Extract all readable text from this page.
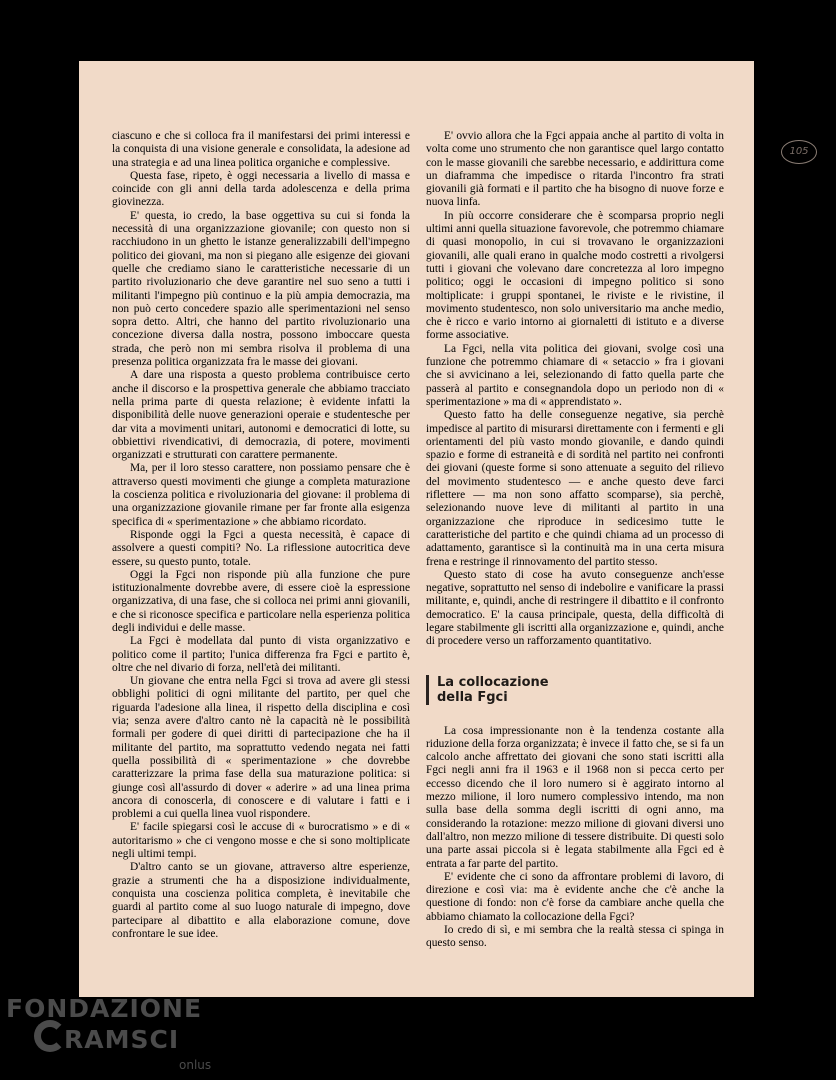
105

ciascuno e che si colloca fra il manifestarsi dei primi interessi e la conquista di una visione generale e consolidata, la adesione ad una strategia e ad una linea politica organiche e complessive.

Questa fase, ripeto, è oggi necessaria a livello di massa e coincide con gli anni della tarda adolescenza e della prima giovinezza.

E' questa, io credo, la base oggettiva su cui si fonda la necessità di una organizzazione giovanile; con questo non si racchiudono in un ghetto le istanze generalizzabili dell'impegno politico dei giovani, ma non si piegano alle esigenze dei giovani quelle che crediamo siano le caratteristiche necessarie di un partito rivoluzionario che deve garantire nel suo seno a tutti i militanti l'impegno più continuo e la più ampia democrazia, ma non può certo concedere spazio alle sperimentazioni nel senso sopra detto. Altri, che hanno del partito rivoluzionario una concezione diversa dalla nostra, possono imboccare questa strada, che però non mi sembra risolva il problema di una presenza politica organizzata fra le masse dei giovani.

A dare una risposta a questo problema contribuisce certo anche il discorso e la prospettiva generale che abbiamo tracciato nella prima parte di questa relazione; è evidente infatti la disponibilità delle nuove generazioni operaie e studentesche per dar vita a movimenti unitari, autonomi e democratici di lotte, su obbiettivi rivendicativi, di democrazia, di potere, movimenti organizzati e strutturati con carattere permanente.

Ma, per il loro stesso carattere, non possiamo pensare che è attraverso questi movimenti che giunge a completa maturazione la coscienza politica e rivoluzionaria del giovane: il problema di una organizzazione giovanile rimane per far fronte alla esigenza specifica di « sperimentazione » che abbiamo ricordato.

Risponde oggi la Fgci a questa necessità, è capace di assolvere a questi compiti? No. La riflessione autocritica deve essere, su questo punto, totale.

Oggi la Fgci non risponde più alla funzione che pure istituzionalmente dovrebbe avere, di essere cioè la espressione organizzativa, di una fase, che si colloca nei primi anni giovanili, e che si riconosce specifica e particolare nella esperienza politica degli individui e delle masse.

La Fgci è modellata dal punto di vista organizzativo e politico come il partito; l'unica differenza fra Fgci e partito è, oltre che nel divario di forza, nell'età dei militanti.

Un giovane che entra nella Fgci si trova ad avere gli stessi obblighi politici di ogni militante del partito, per quel che riguarda l'adesione alla linea, il rispetto della disciplina e così via; senza avere d'altro canto nè la capacità nè le possibilità formali per godere di quei diritti di partecipazione che ha il militante del partito, ma soprattutto vedendo negata nei fatti quella possibilità di « sperimentazione » che dovrebbe caratterizzare la prima fase della sua maturazione politica: si giunge così all'assurdo di dover « aderire » ad una linea prima ancora di conoscerla, di conoscere e di valutare i fatti e i problemi a cui quella linea vuol rispondere.

E' facile spiegarsi così le accuse di « burocratismo » e di « autoritarismo » che ci vengono mosse e che si sono moltiplicate negli ultimi tempi.

D'altro canto se un giovane, attraverso altre esperienze, grazie a strumenti che ha a disposizione individualmente, conquista una coscienza politica completa, è inevitabile che guardi al partito come al suo luogo naturale di impegno, dove partecipare al dibattito e alla elaborazione comune, dove confrontare le sue idee.

E' ovvio allora che la Fgci appaia anche al partito di volta in volta come uno strumento che non garantisce quel largo contatto con le masse giovanili che sarebbe necessario, e addirittura come un diaframma che impedisce o ritarda l'incontro fra strati giovanili già formati e il partito che ha bisogno di nuove forze e nuova linfa.

In più occorre considerare che è scomparsa proprio negli ultimi anni quella situazione favorevole, che potremmo chiamare di quasi monopolio, in cui si trovavano le organizzazioni giovanili, alle quali erano in qualche modo costretti a rivolgersi tutti i giovani che volevano dare concretezza al loro impegno politico; oggi le occasioni di impegno politico si sono moltiplicate: i gruppi spontanei, le riviste e le rivistine, il movimento studentesco, non solo universitario ma anche medio, che è ricco e vario intorno ai giornaletti di istituto e a diverse forme associative.

La Fgci, nella vita politica dei giovani, svolge così una funzione che potremmo chiamare di « setaccio » fra i giovani che si avvicinano a lei, selezionando di fatto quella parte che passerà al partito e consegnandola dopo un periodo non di « sperimentazione » ma di « apprendistato ».

Questo fatto ha delle conseguenze negative, sia perchè impedisce al partito di misurarsi direttamente con i fermenti e gli orientamenti del più vasto mondo giovanile, e dando quindi spazio e forme di estraneità e di sordità nel partito nei confronti dei giovani (queste forme si sono attenuate a seguito del rilievo del movimento studentesco — e anche questo deve farci riflettere — ma non sono affatto scomparse), sia perchè, selezionando nuove leve di militanti al partito in una organizzazione che riproduce in sedicesimo tutte le caratteristiche del partito e che quindi chiama ad un processo di adattamento, garantisce sì la continuità ma in una certa misura frena e restringe il rinnovamento del partito stesso.

Questo stato di cose ha avuto conseguenze anch'esse negative, soprattutto nel senso di indebolire e vanificare la prassi militante, e, quindi, anche di restringere il dibattito e il confronto democratico. E' la causa principale, questa, della difficoltà di legare stabilmente gli iscritti alla organizzazione e, quindi, anche di procedere verso un rafforzamento quantitativo.

La collocazione
della Fgci

La cosa impressionante non è la tendenza costante alla riduzione della forza organizzata; è invece il fatto che, se si fa un calcolo anche affrettato dei giovani che sono stati iscritti alla Fgci negli anni fra il 1963 e il 1968 non si pecca certo per eccesso dicendo che il loro numero si è aggirato intorno al mezzo milione, il loro numero complessivo intendo, ma non sulla base della somma degli iscritti di ogni anno, ma considerando la rotazione: mezzo milione di giovani diversi uno dall'altro, non mezzo milione di tessere distribuite. Di questi solo una parte assai piccola si è legata stabilmente alla Fgci ed è entrata a far parte del partito.

E' evidente che ci sono da affrontare problemi di lavoro, di direzione e così via: ma è evidente anche che c'è anche la questione di fondo: non c'è forse da cambiare anche quella che abbiamo chiamato la collocazione della Fgci?

Io credo di sì, e mi sembra che la realtà stessa ci spinga in questo senso.

FONDAZIONE
RAMSCI
onlus
